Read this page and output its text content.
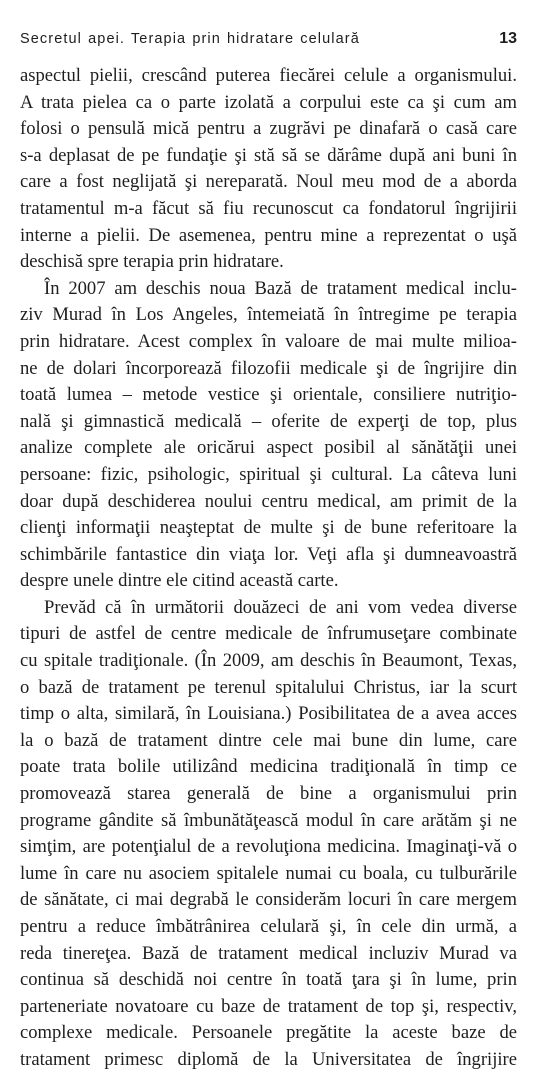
Secretul apei. Terapia prin hidratare celulară	13
aspectul pielii, crescând puterea fiecărei celule a organismului.
A trata pielea ca o parte izolată a corpului este ca şi cum am
folosi o pensulă mică pentru a zugrăvi pe dinafară o casă care
s-a deplasat de pe fundaţie şi stă să se dărâme după ani buni în
care a fost neglijată şi nereparată. Noul meu mod de a aborda
tratamentul m-a făcut să fiu recunoscut ca fondatorul îngrijirii
interne a pielii. De asemenea, pentru mine a reprezentat o uşă
deschisă spre terapia prin hidratare.
În 2007 am deschis noua Bază de tratament medical inclu-
ziv Murad în Los Angeles, întemeiată în întregime pe terapia
prin hidratare. Acest complex în valoare de mai multe milioa-
ne de dolari încorporează filozofii medicale şi de îngrijire din
toată lumea – metode vestice şi orientale, consiliere nutriţio-
nală şi gimnastică medicală – oferite de experţi de top, plus
analize complete ale oricărui aspect posibil al sănătăţii unei
persoane: fizic, psihologic, spiritual şi cultural. La câteva luni
doar după deschiderea noului centru medical, am primit de la
clienţi informaţii neaşteptat de multe şi de bune referitoare la
schimbările fantastice din viaţa lor. Veţi afla şi dumneavoastră
despre unele dintre ele citind această carte.
Prevăd că în următorii douăzeci de ani vom vedea diverse
tipuri de astfel de centre medicale de înfrumuseţare combinate
cu spitale tradiţionale. (În 2009, am deschis în Beaumont, Texas,
o bază de tratament pe terenul spitalului Christus, iar la scurt
timp o alta, similară, în Louisiana.) Posibilitatea de a avea acces
la o bază de tratament dintre cele mai bune din lume, care
poate trata bolile utilizând medicina tradiţională în timp ce
promovează starea generală de bine a organismului prin
programe gândite să îmbunătăţească modul în care arătăm şi ne
simţim, are potenţialul de a revoluţiona medicina. Imaginaţi-vă o
lume în care nu asociem spitalele numai cu boala, cu tulburările
de sănătate, ci mai degrabă le considerăm locuri în care mergem
pentru a reduce îmbătrânirea celulară şi, în cele din urmă, a
reda tinereţea. Bază de tratament medical incluziv Murad va
continua să deschidă noi centre în toată ţara şi în lume, prin
parteneriate novatoare cu baze de tratament de top şi, respectiv,
complexe medicale. Persoanele pregătite la aceste baze de
tratament primesc diplomă de la Universitatea de îngrijire
